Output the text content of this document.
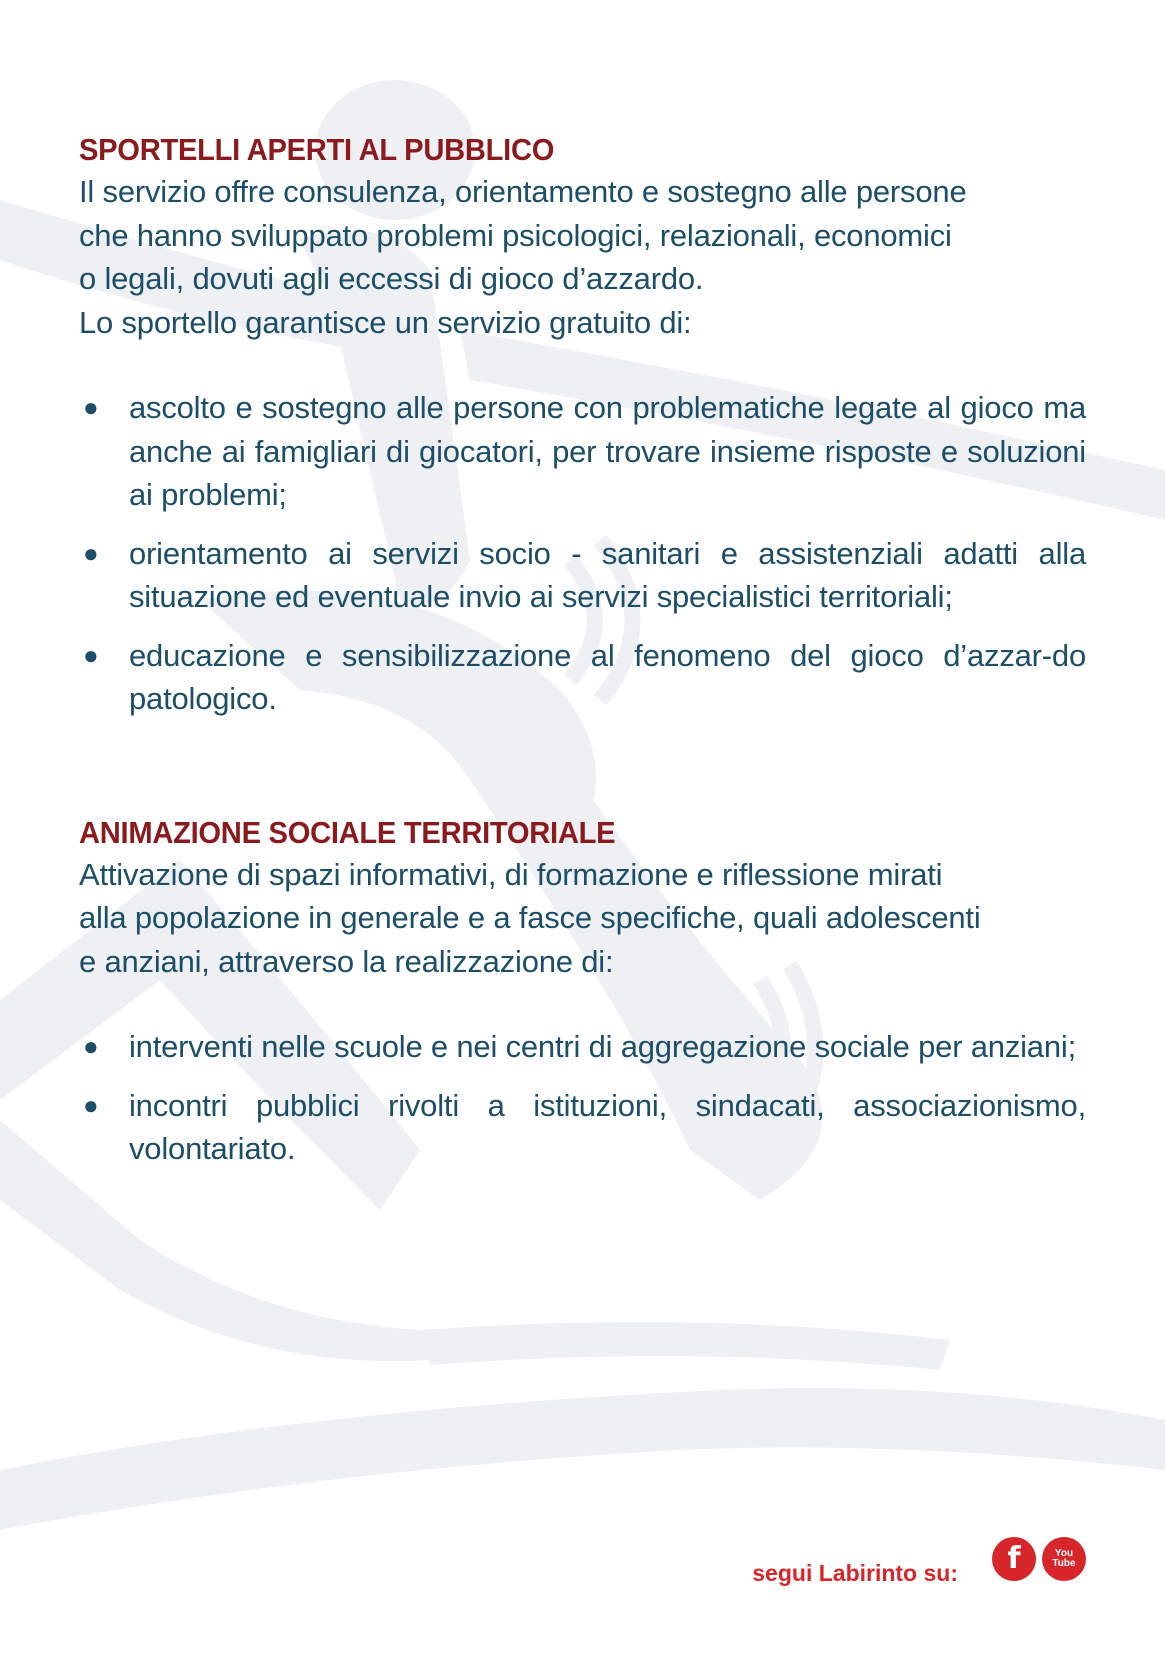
SPORTELLI APERTI AL PUBBLICO

Il servizio offre consulenza, orientamento e sostegno alle persone
che hanno sviluppato problemi psicologici, relazionali, economici
o legali, dovuti agli eccessi di gioco d’azzardo.
Lo sportello garantisce un servizio gratuito di:

● ascolto e sostegno alle persone con problematiche legate al gioco ma anche ai famigliari di giocatori, per trovare insieme risposte e soluzioni ai problemi;
● orientamento ai servizi socio - sanitari e assistenziali adatti alla situazione ed eventuale invio ai servizi specialistici territoriali;
● educazione e sensibilizzazione al fenomeno del gioco d’azzar-do patologico.
ANIMAZIONE SOCIALE TERRITORIALE

Attivazione di spazi informativi, di formazione e riflessione mirati
alla popolazione in generale e a fasce specifiche, quali adolescenti
e anziani, attraverso la realizzazione di:

● interventi nelle scuole e nei centri di aggregazione sociale per anziani;
● incontri pubblici rivolti a istituzioni, sindacati, associazionismo, volontariato.
segui Labirinto su: f	You
Tube
